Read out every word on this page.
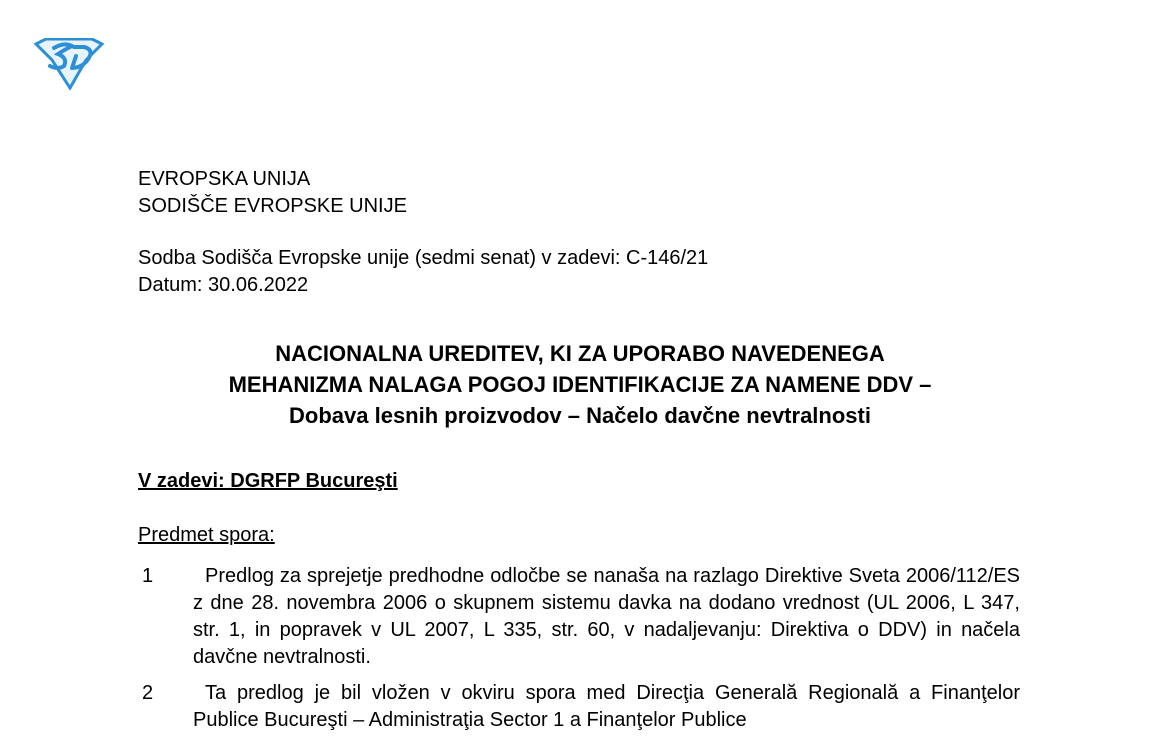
EVROPSKA UNIJA
SODIŠČE EVROPSKE UNIJE
Sodba Sodišča Evropske unije (sedmi senat) v zadevi: C-146/21
Datum: 30.06.2022
NACIONALNA UREDITEV, KI ZA UPORABO NAVEDENEGA
MEHANIZMA NALAGA POGOJ IDENTIFIKACIJE ZA NAMENE DDV –
Dobava lesnih proizvodov – Načelo davčne nevtralnosti
V zadevi: DGRFP Bucureşti
Predmet spora:
1	Predlog za sprejetje predhodne odločbe se nanaša na razlago Direktive Sveta 2006/112/ES z dne 28. novembra 2006 o skupnem sistemu davka na dodano vrednost (UL 2006, L 347, str. 1, in popravek v UL 2007, L 335, str. 60, v nadaljevanju: Direktiva o DDV) in načela davčne nevtralnosti.
2	Ta predlog je bil vložen v okviru spora med Direcţia Generală Regională a Finanţelor Publice Bucureşti – Administraţia Sector 1 a Finanţelor Publice
